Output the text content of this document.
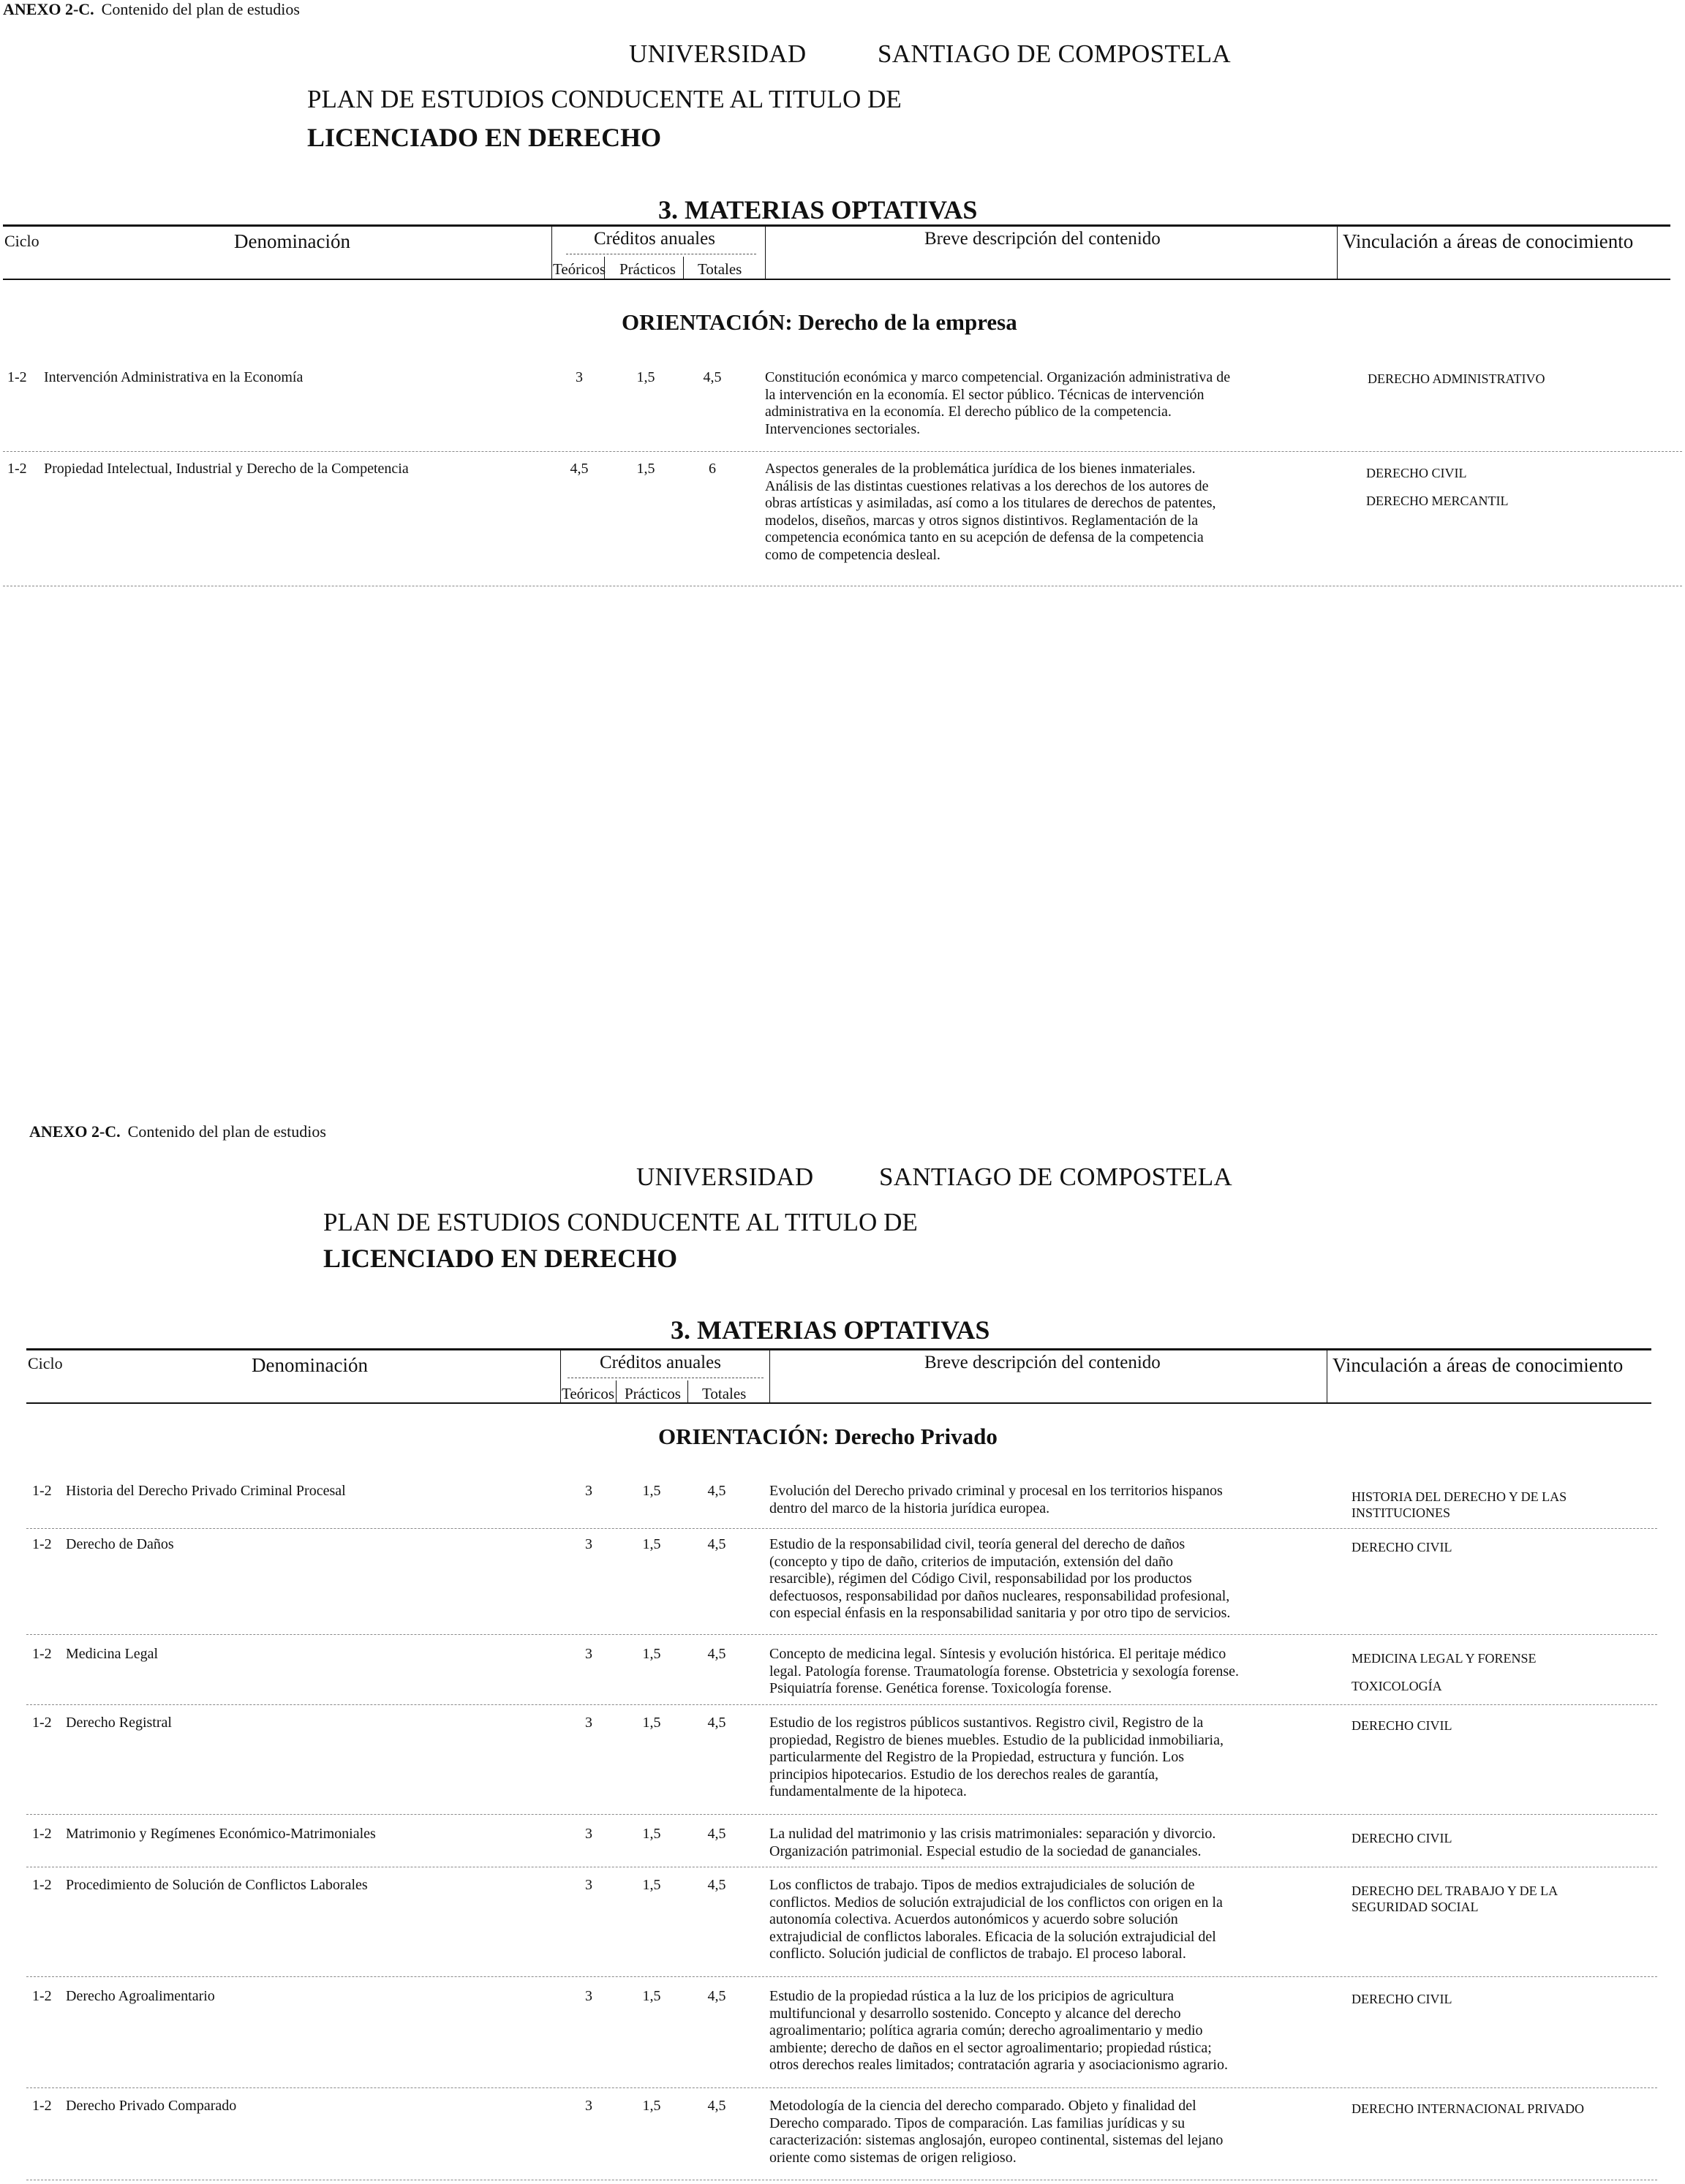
ANEXO 2-C. Contenido del plan de estudios
UNIVERSIDAD	SANTIAGO DE COMPOSTELA
PLAN DE ESTUDIOS CONDUCENTE AL TITULO DE
LICENCIADO EN DERECHO
3. MATERIAS OPTATIVAS
Ciclo	Denominación	Créditos anuales
Teóricos Prácticos Totales
Breve descripción del contenido	Vinculación a áreas de conocimiento
ORIENTACIÓN: Derecho de la empresa
1-2 Intervención Administrativa en la Economía	3	1,5	4,5	Constitución económica y marco competencial. Organización administrativa de
la intervención en la economía. El sector público. Técnicas de intervención
administrativa en la economía. El derecho público de la competencia.
Intervenciones sectoriales.
DERECHO ADMINISTRATIVO
1-2 Propiedad Intelectual, Industrial y Derecho de la Competencia	4,5	1,5	6	Aspectos generales de la problemática jurídica de los bienes inmateriales.
Análisis de las distintas cuestiones relativas a los derechos de los autores de
obras artísticas y asimiladas, así como a los titulares de derechos de patentes,
modelos, diseños, marcas y otros signos distintivos. Reglamentación de la
competencia económica tanto en su acepción de defensa de la competencia
como de competencia desleal.
DERECHO CIVIL
DERECHO MERCANTIL
ANEXO 2-C. Contenido del plan de estudios
UNIVERSIDAD	SANTIAGO DE COMPOSTELA
PLAN DE ESTUDIOS CONDUCENTE AL TITULO DE
LICENCIADO EN DERECHO
3. MATERIAS OPTATIVAS
Ciclo	Denominación	Créditos anuales
Teóricos Prácticos Totales
Breve descripción del contenido	Vinculación a áreas de conocimiento
ORIENTACIÓN: Derecho Privado
1-2 Historia del Derecho Privado Criminal Procesal	3	1,5	4,5	Evolución del Derecho privado criminal y procesal en los territorios hispanos
dentro del marco de la historia jurídica europea.
HISTORIA DEL DERECHO Y DE LAS INSTITUCIONES
1-2 Derecho de Daños	3	1,5	4,5	Estudio de la responsabilidad civil, teoría general del derecho de daños
(concepto y tipo de daño, criterios de imputación, extensión del daño
resarcible), régimen del Código Civil, responsabilidad por los productos
defectuosos, responsabilidad por daños nucleares, responsabilidad profesional,
con especial énfasis en la responsabilidad sanitaria y por otro tipo de servicios.
DERECHO CIVIL
1-2 Medicina Legal	3	1,5	4,5	Concepto de medicina legal. Síntesis y evolución histórica. El peritaje médico
legal. Patología forense. Traumatología forense. Obstetricia y sexología forense.
Psiquiatría forense. Genética forense. Toxicología forense.
MEDICINA LEGAL Y FORENSE
TOXICOLOGÍA
1-2 Derecho Registral	3	1,5	4,5	Estudio de los registros públicos sustantivos. Registro civil, Registro de la
propiedad, Registro de bienes muebles. Estudio de la publicidad inmobiliaria,
particularmente del Registro de la Propiedad, estructura y función. Los
principios hipotecarios. Estudio de los derechos reales de garantía,
fundamentalmente de la hipoteca.
DERECHO CIVIL
1-2 Matrimonio y Regímenes Económico-Matrimoniales	3	1,5	4,5	La nulidad del matrimonio y las crisis matrimoniales: separación y divorcio.
Organización patrimonial. Especial estudio de la sociedad de gananciales.
DERECHO CIVIL
1-2 Procedimiento de Solución de Conflictos Laborales	3	1,5	4,5	Los conflictos de trabajo. Tipos de medios extrajudiciales de solución de
conflictos. Medios de solución extrajudicial de los conflictos con origen en la
autonomía colectiva. Acuerdos autonómicos y acuerdo sobre solución
extrajudicial de conflictos laborales. Eficacia de la solución extrajudicial del
conflicto. Solución judicial de conflictos de trabajo. El proceso laboral.
DERECHO DEL TRABAJO Y DE LA SEGURIDAD SOCIAL
1-2 Derecho Agroalimentario	3	1,5	4,5	Estudio de la propiedad rústica a la luz de los pricipios de agricultura
multifuncional y desarrollo sostenido. Concepto y alcance del derecho
agroalimentario; política agraria común; derecho agroalimentario y medio
ambiente; derecho de daños en el sector agroalimentario; propiedad rústica;
otros derechos reales limitados; contratación agraria y asociacionismo agrario.
DERECHO CIVIL
1-2 Derecho Privado Comparado	3	1,5	4,5	Metodología de la ciencia del derecho comparado. Objeto y finalidad del
Derecho comparado. Tipos de comparación. Las familias jurídicas y su
caracterización: sistemas anglosajón, europeo continental, sistemas del lejano
oriente como sistemas de origen religioso.
DERECHO INTERNACIONAL PRIVADO
